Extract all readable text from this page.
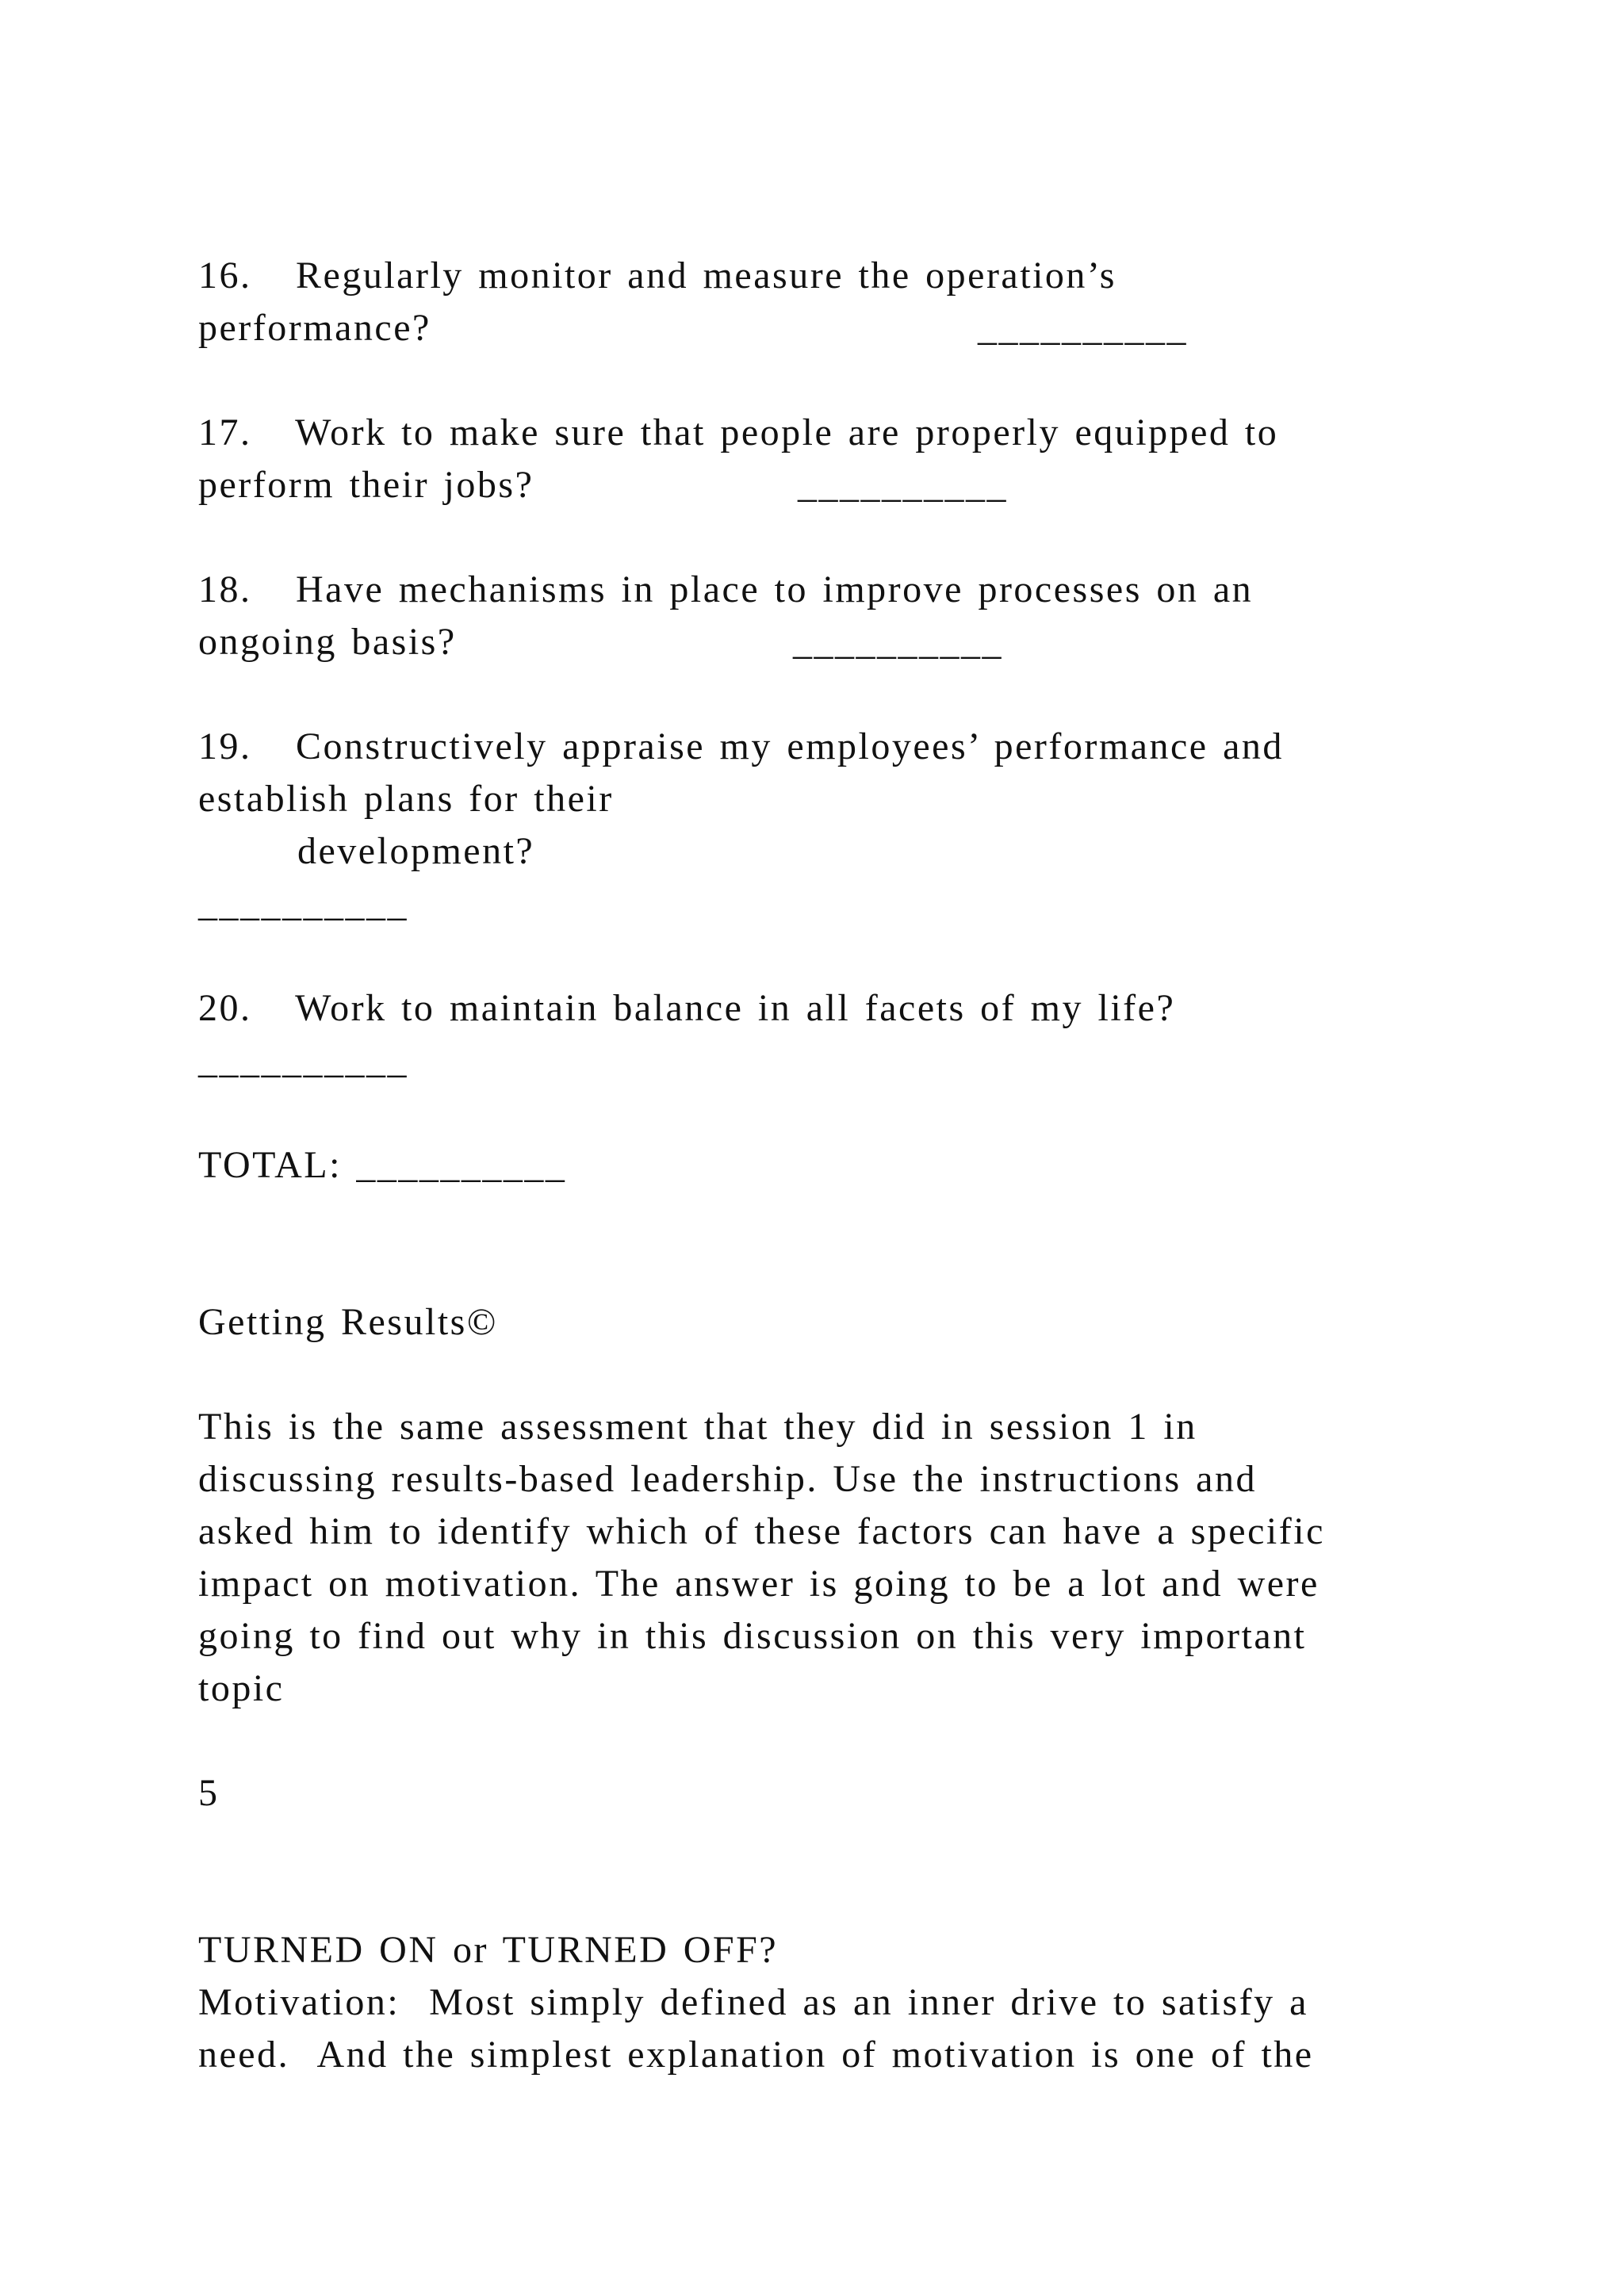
16. Regularly monitor and measure the operation’s
performance?	__________
17. Work to make sure that people are properly equipped to
perform their jobs?	__________
18. Have mechanisms in place to improve processes on an
ongoing basis?	__________
19. Constructively appraise my employees’ performance and
establish plans for their
development?
__________
20. Work to maintain balance in all facets of my life?
__________
TOTAL: __________
Getting Results©
This is the same assessment that they did in session 1 in
discussing results-based leadership. Use the instructions and
asked him to identify which of these factors can have a specific
impact on motivation. The answer is going to be a lot and were
going to find out why in this discussion on this very important
topic
5
TURNED ON or TURNED OFF?
Motivation:  Most simply defined as an inner drive to satisfy a
need.  And the simplest explanation of motivation is one of the
